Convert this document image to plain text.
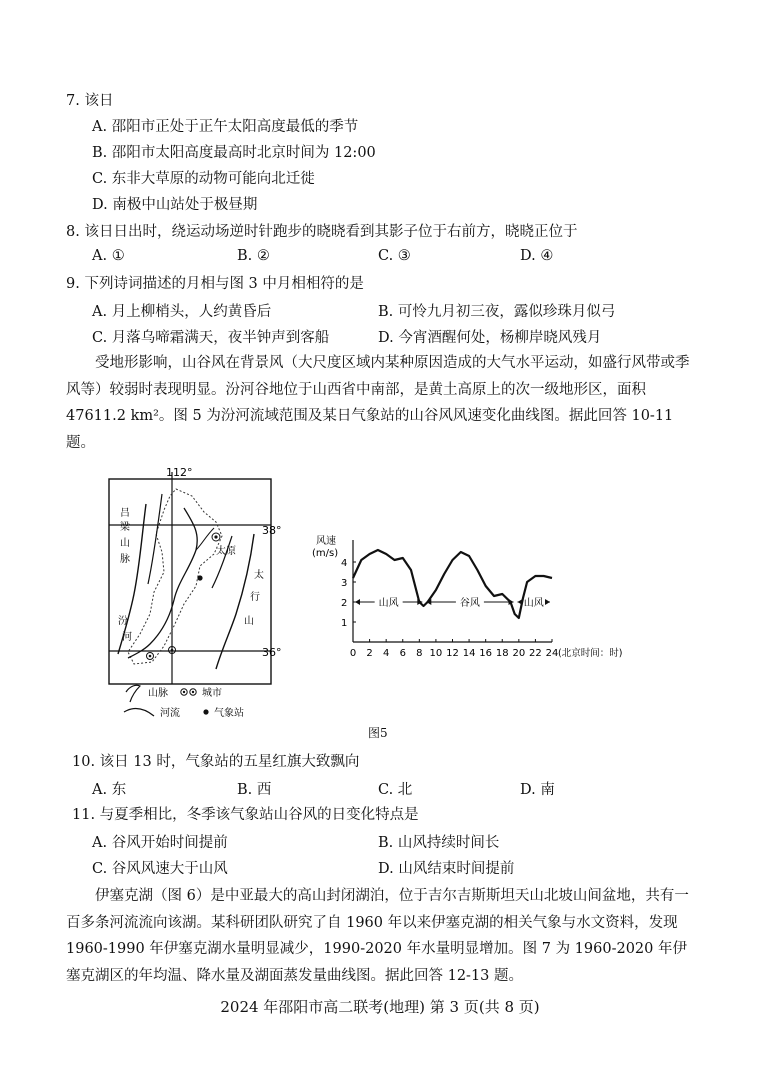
7. 该日
A. 邵阳市正处于正午太阳高度最低的季节
B. 邵阳市太阳高度最高时北京时间为 12:00
C. 东非大草原的动物可能向北迁徙
D. 南极中山站处于极昼期
8. 该日日出时，绕运动场逆时针跑步的晓晓看到其影子位于右前方，晓晓正位于
A. ①	B. ②	C. ③	D. ④
9. 下列诗词描述的月相与图 3 中月相相符的是
A. 月上柳梢头，人约黄昏后	B. 可怜九月初三夜，露似珍珠月似弓
C. 月落乌啼霜满天，夜半钟声到客船	D. 今宵酒醒何处，杨柳岸晓风残月
受地形影响，山谷风在背景风（大尺度区域内某种原因造成的大气水平运动，如盛行风带或季风等）较弱时表现明显。汾河谷地位于山西省中南部，是黄土高原上的次一级地形区，面积 47611.2 km²。图 5 为汾河流域范围及某日气象站的山谷风风速变化曲线图。据此回答 10-11 题。
112°
38°
36°
吕
梁
山
脉
太原
汾
河
太
行
山
山脉	城市
河流	气象站
风速
(m/s)
1
2
3
4
0 2 4 6 8 10 12 14 16 18 20 22 24 (北京时间：时)
山风	谷风	山风
图5
10. 该日 13 时，气象站的五星红旗大致飘向
A. 东	B. 西	C. 北	D. 南
11. 与夏季相比，冬季该气象站山谷风的日变化特点是
A. 谷风开始时间提前	B. 山风持续时间长
C. 谷风风速大于山风	D. 山风结束时间提前
伊塞克湖（图 6）是中亚最大的高山封闭湖泊，位于吉尔吉斯斯坦天山北坡山间盆地，共有一百多条河流流向该湖。某科研团队研究了自 1960 年以来伊塞克湖的相关气象与水文资料，发现 1960-1990 年伊塞克湖水量明显减少，1990-2020 年水量明显增加。图 7 为 1960-2020 年伊塞克湖区的年均温、降水量及湖面蒸发量曲线图。据此回答 12-13 题。
2024 年邵阳市高二联考(地理) 第 3 页(共 8 页)
